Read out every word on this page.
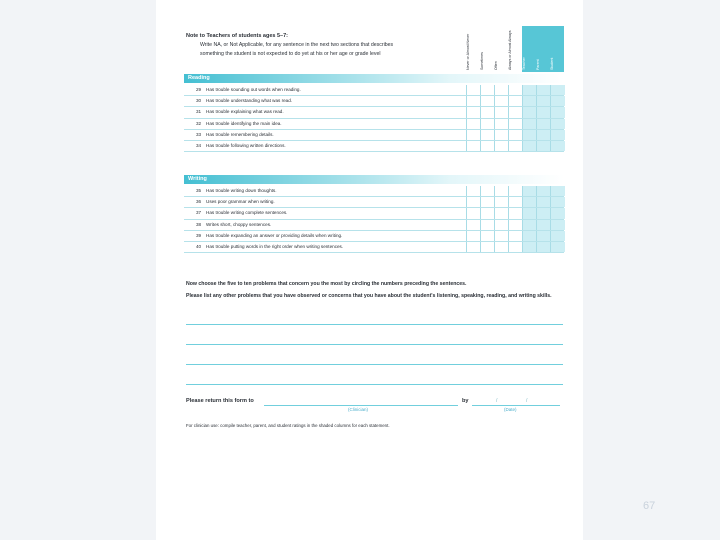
Note to Teachers of students ages 5–7:
Write NA, or Not Applicable, for any sentence in the next two sections that describes
something the student is not expected to do yet at his or her age or grade level	Never or Almost Never	Sometimes	Often	Always or Almost Always	Teacher	Parent	Student
Reading
29 Has trouble sounding out words when reading.
30 Has trouble understanding what was read.
31 Has trouble explaining what was read.
32 Has trouble identifying the main idea.
33 Has trouble remembering details.
34 Has trouble following written directions.
Writing
35 Has trouble writing down thoughts.
36 Uses poor grammar when writing.
37 Has trouble writing complete sentences.
38 Writes short, choppy sentences.
39 Has trouble expanding an answer or providing details when writing.
40 Has trouble putting words in the right order when writing sentences.
Now choose the five to ten problems that concern you the most by circling the numbers preceding the sentences.
Please list any other problems that you have observed or concerns that you have about the student's listening, speaking, reading, and writing skills.
Please return this form to	by	/	/
(Clinician)	(Date)
For clinician use: compile teacher, parent, and student ratings in the shaded columns for each statement.
67
